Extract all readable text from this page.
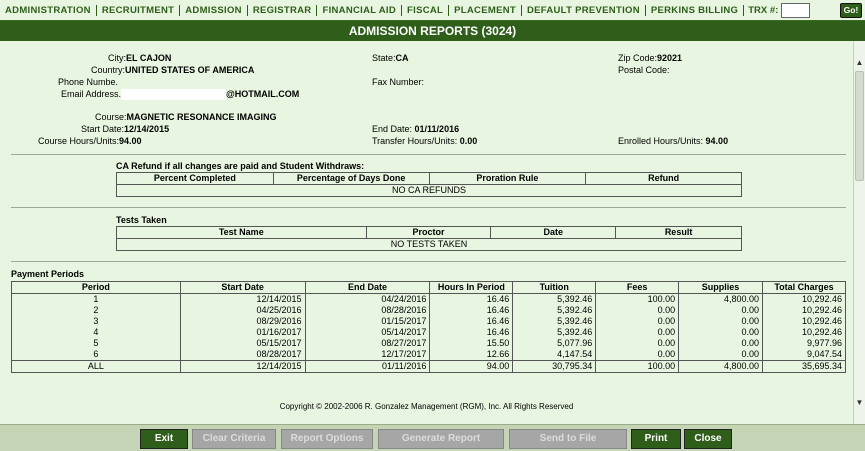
ADMINISTRATION	RECRUITMENT	ADMISSION	REGISTRAR	FINANCIAL AID	FISCAL	PLACEMENT	DEFAULT PREVENTION	PERKINS BILLING	TRX #:	Go!
ADMISSION REPORTS (3024)
City:EL CAJON	State:CA	Zip Code:92021
Country:UNITED STATES OF AMERICA	Postal Code:
Phone Numbe.	Fax Number:
Email Address.	@HOTMAIL.COM
Course:MAGNETIC RESONANCE IMAGING
Start Date:12/14/2015	End Date: 01/11/2016
Course Hours/Units:94.00	Transfer Hours/Units: 0.00	Enrolled Hours/Units: 94.00
CA Refund if all changes are paid and Student Withdraws:
Percent Completed	Percentage of Days Done	Proration Rule	Refund
NO CA REFUNDS
Tests Taken
Test Name	Proctor	Date	Result
NO TESTS TAKEN
Payment Periods
Period	Start Date	End Date	Hours In Period	Tuition	Fees	Supplies	Total Charges
1	12/14/2015	04/24/2016	16.46	5,392.46	100.00	4,800.00	10,292.46
2	04/25/2016	08/28/2016	16.46	5,392.46	0.00	0.00	10,292.46
3	08/29/2016	01/15/2017	16.46	5,392.46	0.00	0.00	10,292.46
4	01/16/2017	05/14/2017	16.46	5,392.46	0.00	0.00	10,292.46
5	05/15/2017	08/27/2017	15.50	5,077.96	0.00	0.00	9,977.96
6	08/28/2017	12/17/2017	12.66	4,147.54	0.00	0.00	9,047.54
ALL	12/14/2015	01/11/2016	94.00	30,795.34	100.00	4,800.00	35,695.34
Copyright © 2002-2006 R. Gonzalez Management (RGM), Inc. All Rights Reserved
▲
▼
Exit	Clear Criteria	Report Options	Generate Report	Send to File	Print	Close
